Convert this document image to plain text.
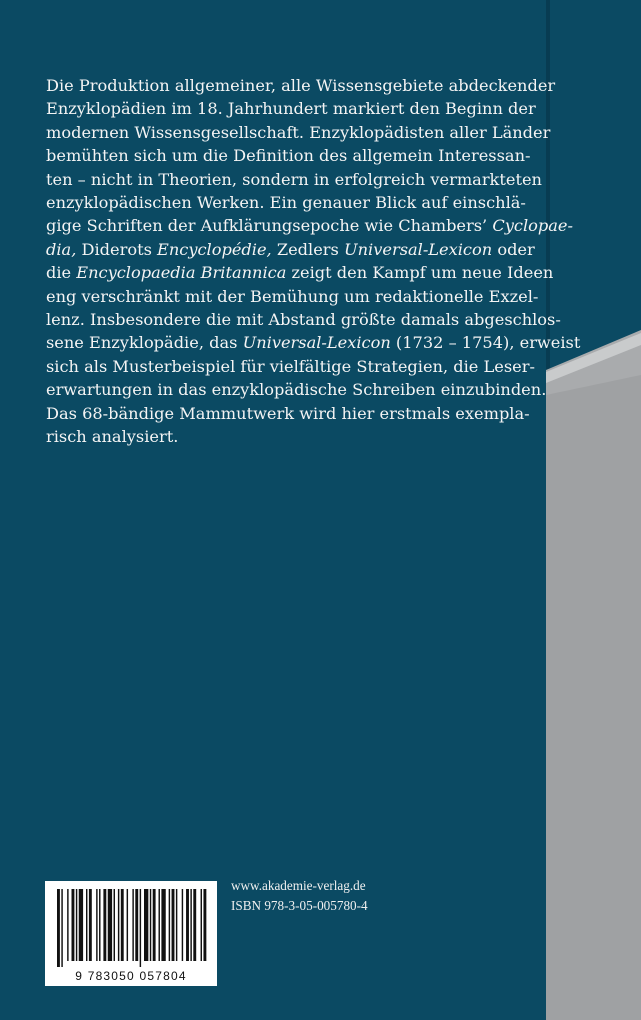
Die Produktion allgemeiner, alle Wissensgebiete abdeckender
Enzyklopädien im 18. Jahrhundert markiert den Beginn der
modernen Wissensgesellschaft. Enzyklopädisten aller Länder
bemühten sich um die Definition des allgemein Interessan-
ten – nicht in Theorien, sondern in erfolgreich vermarkteten
enzyklopädischen Werken. Ein genauer Blick auf einschlä-
gige Schriften der Aufklärungsepoche wie Chambers’ Cyclopae-
dia, Diderots Encyclopédie, Zedlers Universal-Lexicon oder
die Encyclopaedia Britannica zeigt den Kampf um neue Ideen
eng verschränkt mit der Bemühung um redaktionelle Exzel-
lenz. Insbesondere die mit Abstand größte damals abgeschlos-
sene Enzyklopädie, das Universal-Lexicon (1732 – 1754), erweist
sich als Musterbeispiel für vielfältige Strategien, die Leser-
erwartungen in das enzyklopädische Schreiben einzubinden.
Das 68-bändige Mammutwerk wird hier erstmals exempla-
risch analysiert.
9 783050 057804
www.akademie-verlag.de
ISBN 978-3-05-005780-4
